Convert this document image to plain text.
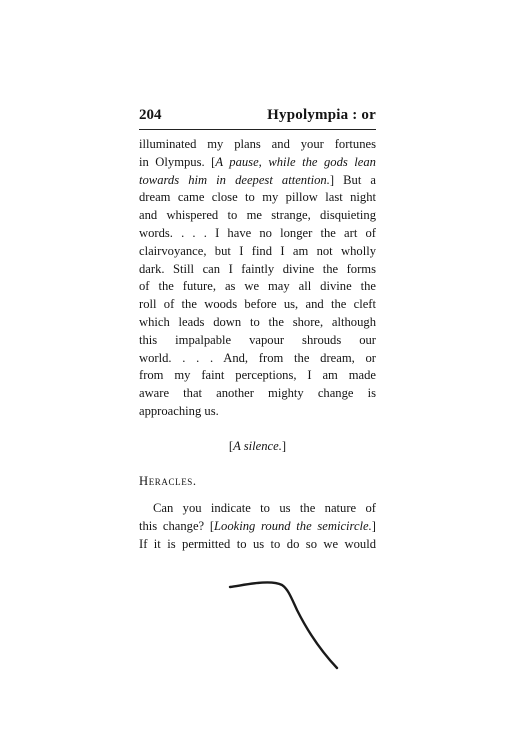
204	Hypolympia : or
illuminated my plans and your fortunes
in Olympus. [A pause, while the gods lean
towards him in deepest attention.] But a
dream came close to my pillow last night
and whispered to me strange, disquieting
words. . . . I have no longer the art of
clairvoyance, but I find I am not wholly
dark. Still can I faintly divine the forms
of the future, as we may all divine the
roll of the woods before us, and the cleft
which leads down to the shore, although
this impalpable vapour shrouds our
world. . . . And, from the dream, or
from my faint perceptions, I am made
aware that another mighty change is
approaching us.
[A silence.]
Heracles.
Can you indicate to us the nature of
this change? [Looking round the semicircle.]
If it is permitted to us to do so we would
